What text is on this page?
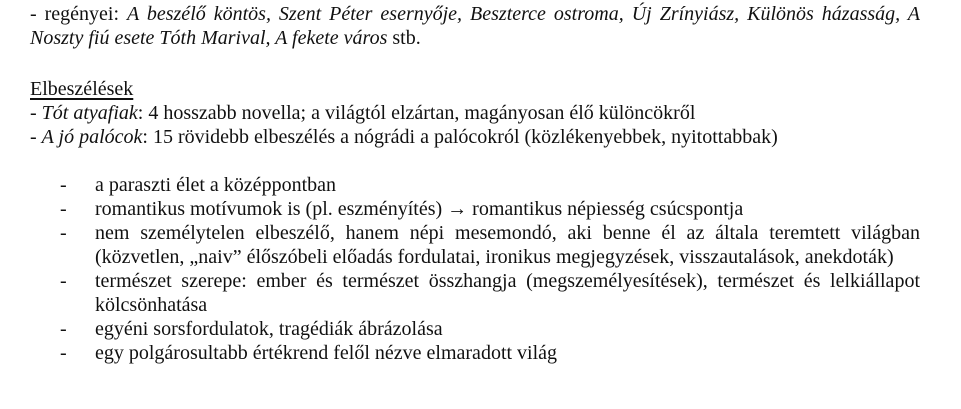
- regényei: A beszélő köntös, Szent Péter esernyője, Beszterce ostroma, Új Zrínyiász, Különös házasság, A Noszty fiú esete Tóth Marival, A fekete város stb.

Elbeszélések

- Tót atyafiak: 4 hosszabb novella; a világtól elzártan, magányosan élő különcökről

- A jó palócok: 15 rövidebb elbeszélés a nógrádi a palócokról (közlékenyebbek, nyitottabbak)

- a paraszti élet a középpontban
- romantikus motívumok is (pl. eszményítés) → romantikus népiesség csúcspontja
- nem személytelen elbeszélő, hanem népi mesemondó, aki benne él az általa teremtett világban (közvetlen, „naiv” élőszóbeli előadás fordulatai, ironikus megjegyzések, visszautalások, anekdoták)
- természet szerepe: ember és természet összhangja (megszemélyesítések), természet és lelkiállapot kölcsönhatása
- egyéni sorsfordulatok, tragédiák ábrázolása
- egy polgárosultabb értékrend felől nézve elmaradott világ
